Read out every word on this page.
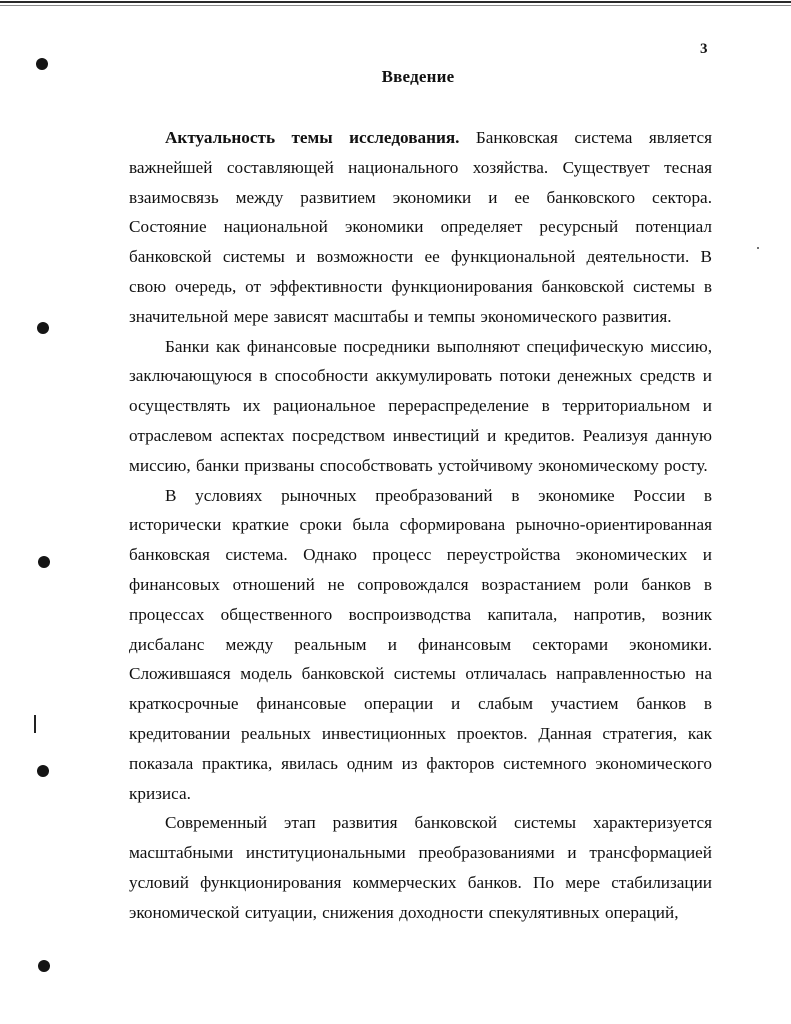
3
Введение

Актуальность темы исследования. Банковская система является важнейшей составляющей национального хозяйства. Существует тесная взаимосвязь между развитием экономики и ее банковского сектора. Состояние национальной экономики определяет ресурсный потенциал банковской системы и возможности ее функциональной деятельности. В свою очередь, от эффективности функционирования банковской системы в значительной мере зависят масштабы и темпы экономического развития.

Банки как финансовые посредники выполняют специфическую миссию, заключающуюся в способности аккумулировать потоки денежных средств и осуществлять их рациональное перераспределение в территориальном и отраслевом аспектах посредством инвестиций и кредитов. Реализуя данную миссию, банки призваны способствовать устойчивому экономическому росту.

В условиях рыночных преобразований в экономике России в исторически краткие сроки была сформирована рыночно-ориентированная банковская система. Однако процесс переустройства экономических и финансовых отношений не сопровождался возрастанием роли банков в процессах общественного воспроизводства капитала, напротив, возник дисбаланс между реальным и финансовым секторами экономики. Сложившаяся модель банковской системы отличалась направленностью на краткосрочные финансовые операции и слабым участием банков в кредитовании реальных инвестиционных проектов. Данная стратегия, как показала практика, явилась одним из факторов системного экономического кризиса.

Современный этап развития банковской системы характеризуется масштабными институциональными преобразованиями и трансформацией условий функционирования коммерческих банков. По мере стабилизации экономической ситуации, снижения доходности спекулятивных операций,
